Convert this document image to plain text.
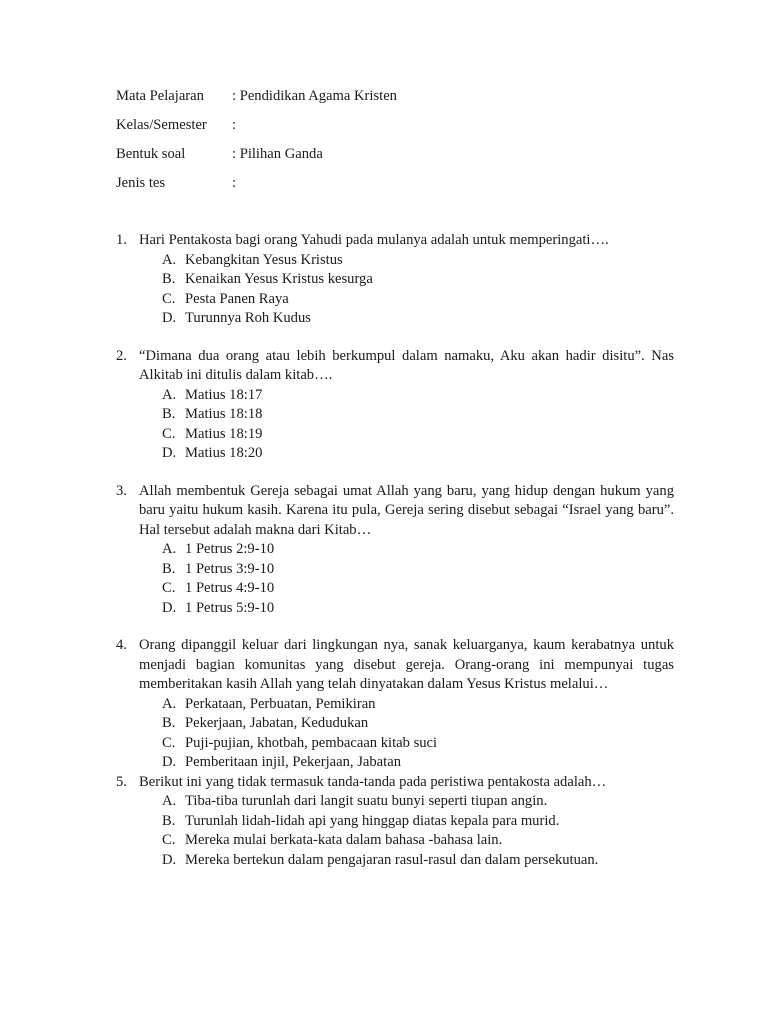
Mata Pelajaran	: Pendidikan Agama Kristen
Kelas/Semester	:
Bentuk soal	: Pilihan Ganda
Jenis tes	:
1. Hari Pentakosta bagi orang Yahudi pada mulanya adalah untuk memperingati….
A. Kebangkitan Yesus Kristus
B. Kenaikan Yesus Kristus kesurga
C. Pesta Panen Raya
D. Turunnya Roh Kudus
2. “Dimana dua orang atau lebih berkumpul dalam namaku, Aku akan hadir disitu”. Nas Alkitab ini ditulis dalam kitab….
A. Matius 18:17
B. Matius 18:18
C. Matius 18:19
D. Matius 18:20
3. Allah membentuk Gereja sebagai umat Allah yang baru, yang hidup dengan hukum yang baru yaitu hukum kasih. Karena itu pula, Gereja sering disebut sebagai “Israel yang baru”. Hal tersebut adalah makna dari Kitab…
A. 1 Petrus 2:9-10
B. 1 Petrus 3:9-10
C. 1 Petrus 4:9-10
D. 1 Petrus 5:9-10
4. Orang dipanggil keluar dari lingkungan nya, sanak keluarganya, kaum kerabatnya untuk menjadi bagian komunitas yang disebut gereja. Orang-orang ini mempunyai tugas memberitakan kasih Allah yang telah dinyatakan dalam Yesus Kristus melalui…
A. Perkataan, Perbuatan, Pemikiran
B. Pekerjaan, Jabatan, Kedudukan
C. Puji-pujian, khotbah, pembacaan kitab suci
D. Pemberitaan injil, Pekerjaan, Jabatan
5. Berikut ini yang tidak termasuk tanda-tanda pada peristiwa pentakosta adalah…
A. Tiba-tiba turunlah dari langit suatu bunyi seperti tiupan angin.
B. Turunlah lidah-lidah api yang hinggap diatas kepala para murid.
C. Mereka mulai berkata-kata dalam bahasa -bahasa lain.
D. Mereka bertekun dalam pengajaran rasul-rasul dan dalam persekutuan.
